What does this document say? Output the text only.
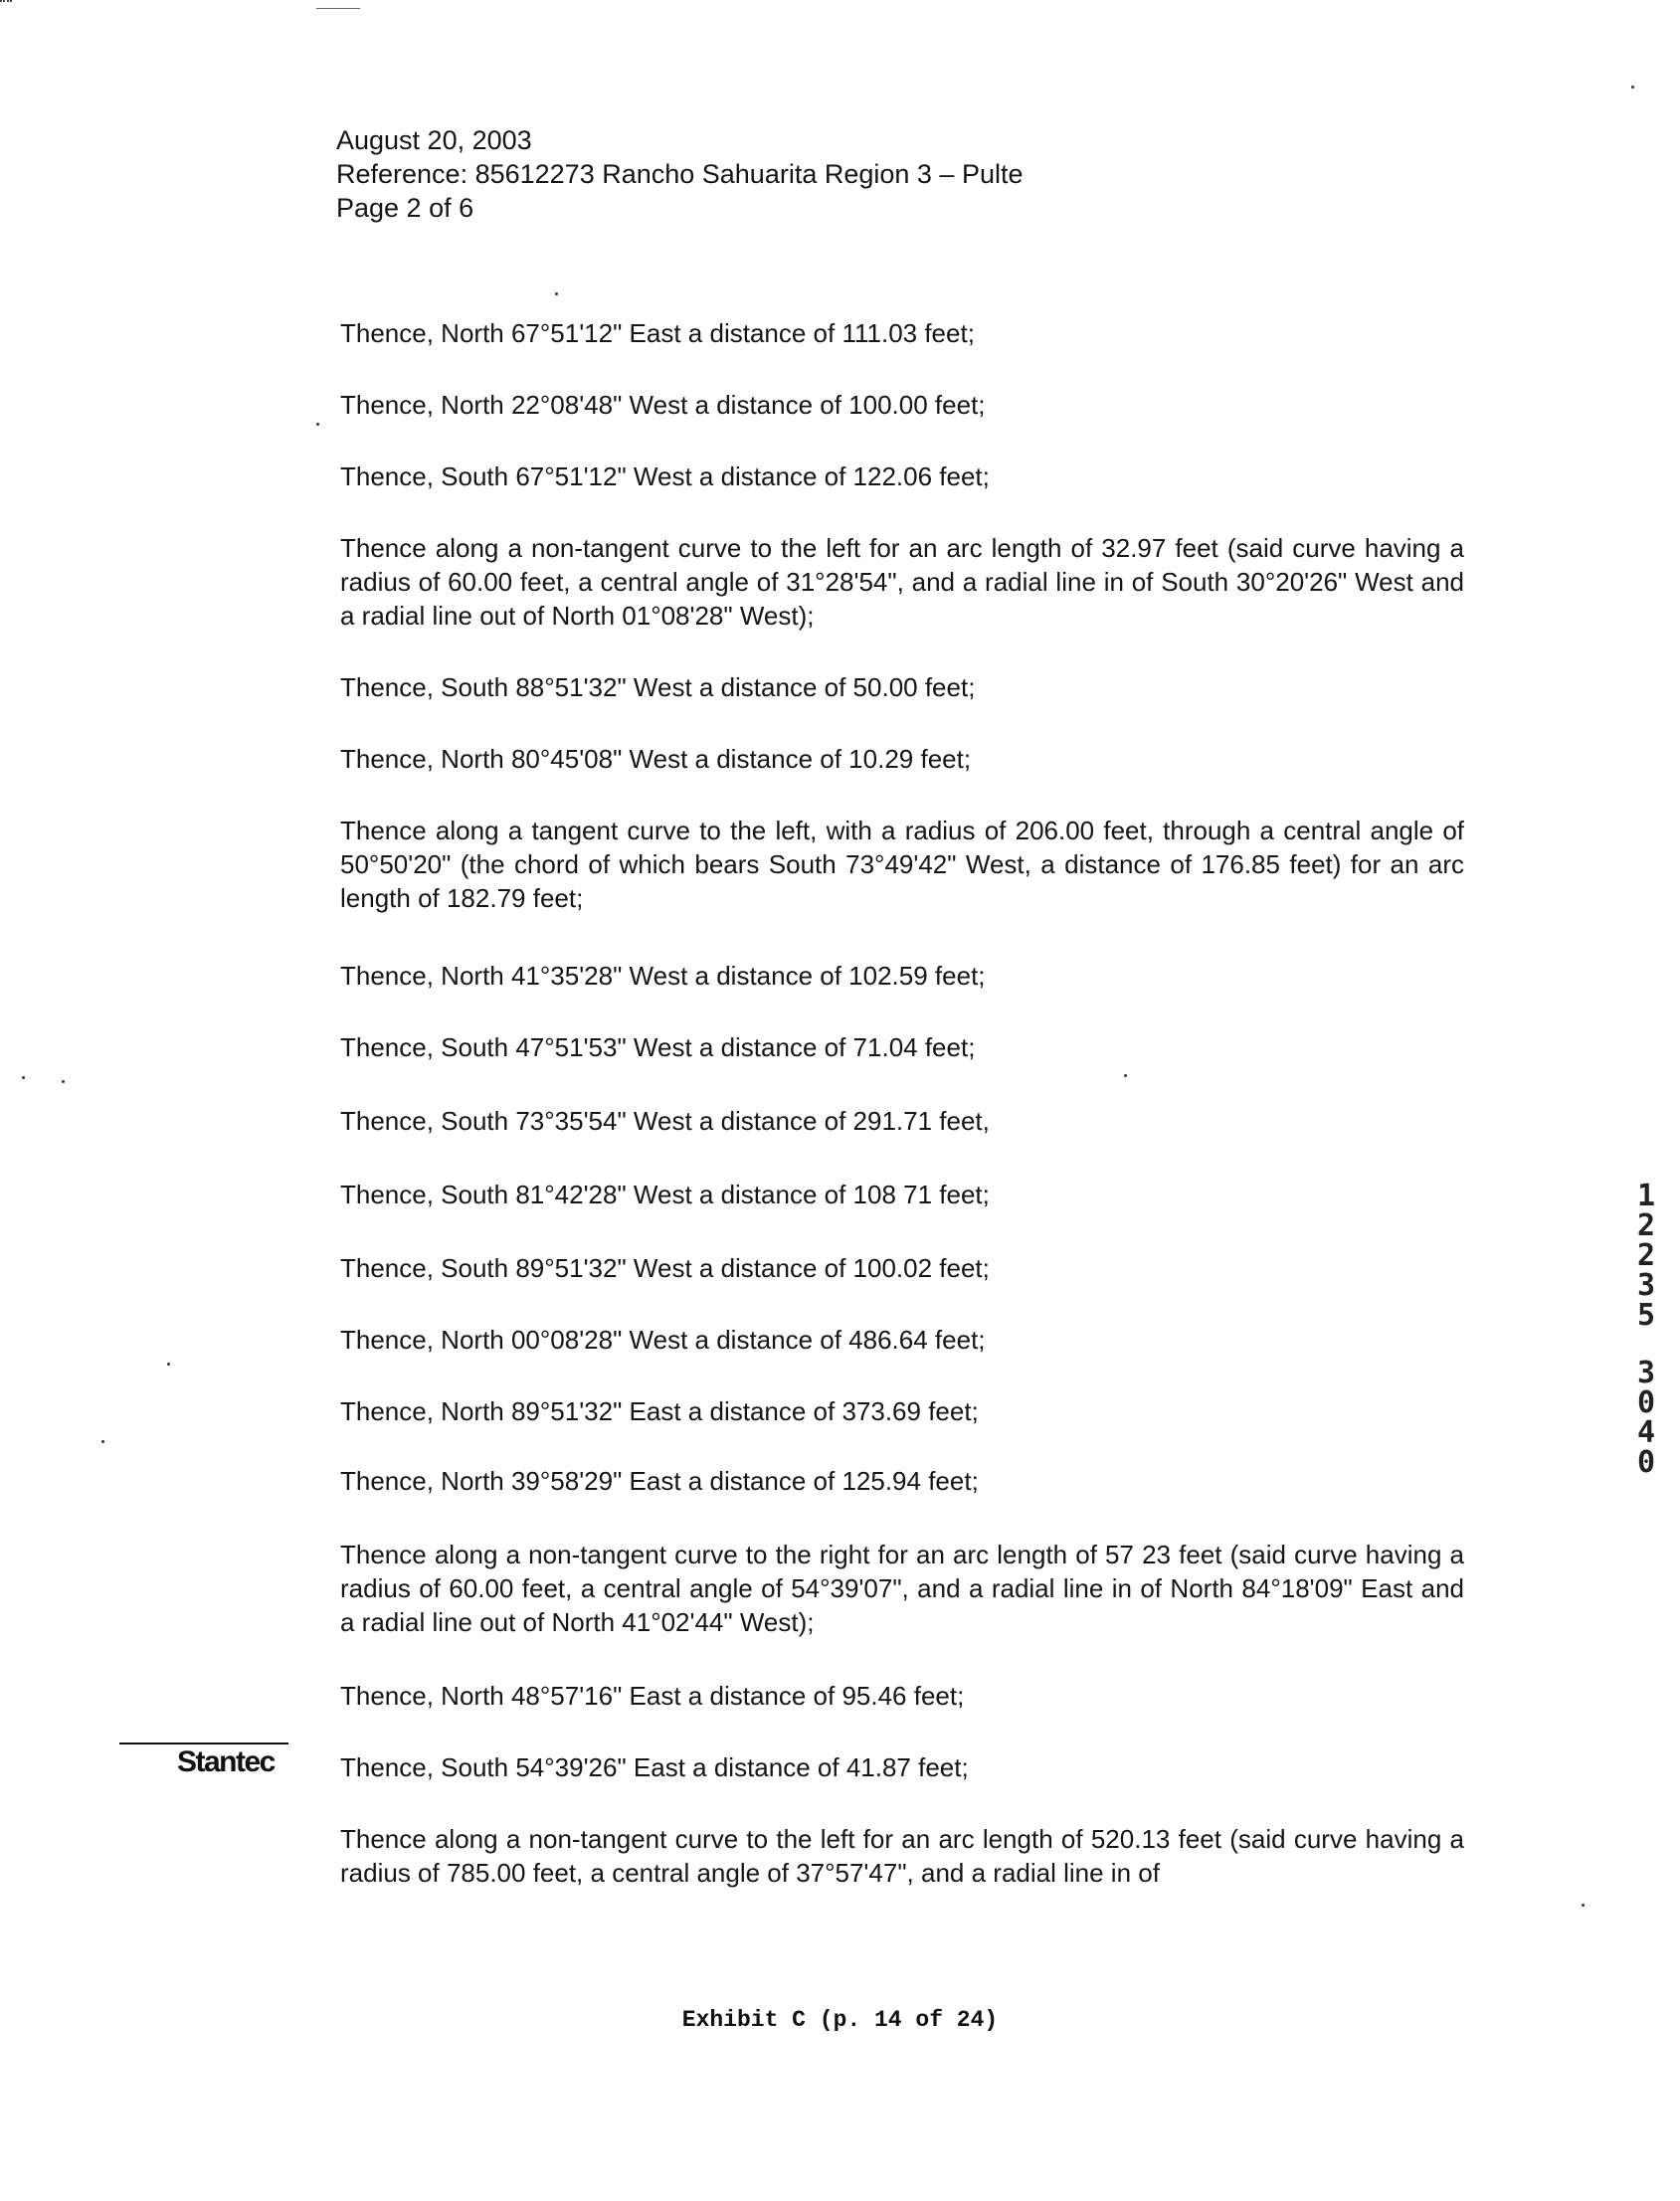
August 20, 2003
Reference: 85612273 Rancho Sahuarita Region 3 – Pulte
Page 2 of 6

Thence, North 67°51'12" East a distance of 111.03 feet;

Thence, North 22°08'48" West a distance of 100.00 feet;

Thence, South 67°51'12" West a distance of 122.06 feet;

Thence along a non-tangent curve to the left for an arc length of 32.97 feet (said curve having a radius of 60.00 feet, a central angle of 31°28'54", and a radial line in of South 30°20'26" West and a radial line out of North 01°08'28" West);

Thence, South 88°51'32" West a distance of 50.00 feet;

Thence, North 80°45'08" West a distance of 10.29 feet;

Thence along a tangent curve to the left, with a radius of 206.00 feet, through a central angle of 50°50'20" (the chord of which bears South 73°49'42" West, a distance of 176.85 feet) for an arc length of 182.79 feet;

Thence, North 41°35'28" West a distance of 102.59 feet;

Thence, South 47°51'53" West a distance of 71.04 feet;

Thence, South 73°35'54" West a distance of 291.71 feet,

Thence, South 81°42'28" West a distance of 108 71 feet;

Thence, South 89°51'32" West a distance of 100.02 feet;

Thence, North 00°08'28" West a distance of 486.64 feet;

Thence, North 89°51'32" East a distance of 373.69 feet;

Thence, North 39°58'29" East a distance of 125.94 feet;

Thence along a non-tangent curve to the right for an arc length of 57 23 feet (said curve having a radius of 60.00 feet, a central angle of 54°39'07", and a radial line in of North 84°18'09" East and a radial line out of North 41°02'44" West);

Thence, North 48°57'16" East a distance of 95.46 feet;

Thence, South 54°39'26" East a distance of 41.87 feet;

Thence along a non-tangent curve to the left for an arc length of 520.13 feet (said curve having a radius of 785.00 feet, a central angle of 37°57'47", and a radial line in of

1
2
2
3
5
3
0
4
0
Stantec
Exhibit C (p. 14 of 24)
